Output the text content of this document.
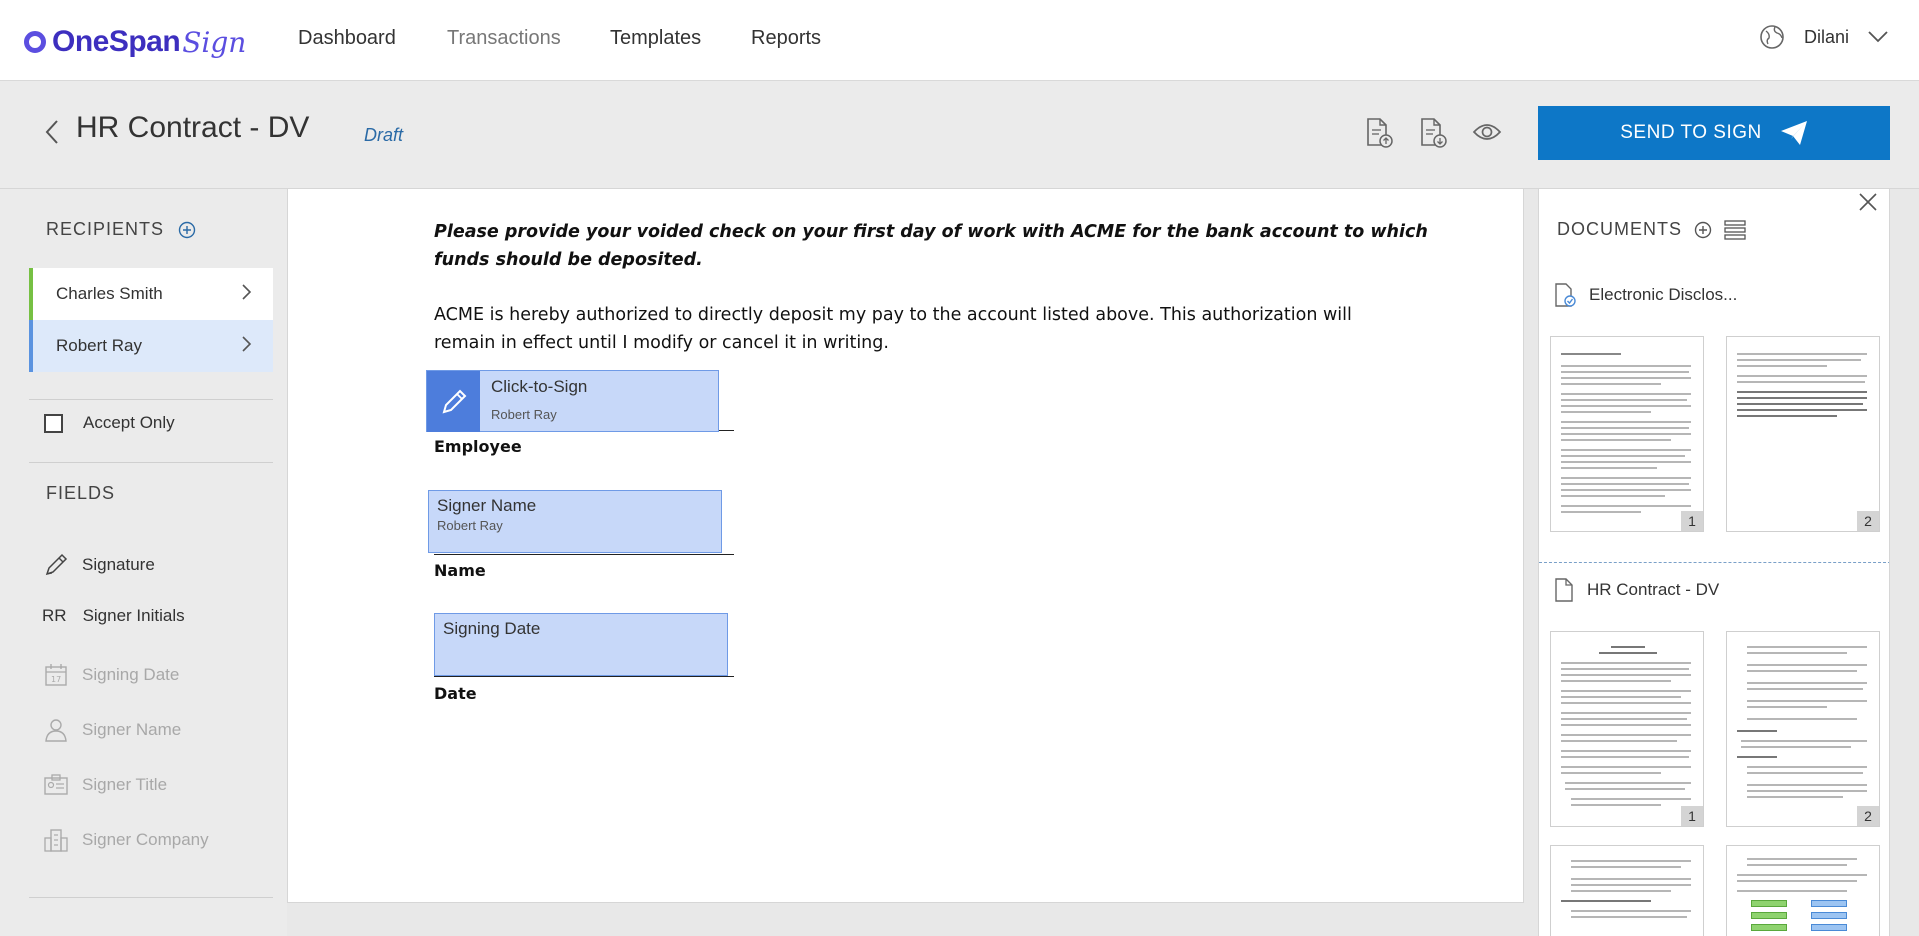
OneSpan Sign	Dashboard	Transactions Templates Reports	Dilani
HR Contract - DV	Draft	SEND TO SIGN
RECIPIENTS
Charles Smith
Robert Ray
Accept Only
FIELDS
Signature
RR Signer Initials
17 Signing Date
Signer Name
Signer Title
Signer Company
Please provide your voided check on your first day of work with ACME for the bank account to which
funds should be deposited.
ACME is hereby authorized to directly deposit my pay to the account listed above. This authorization will
remain in effect until I modify or cancel it in writing.
Click-to-Sign
Robert Ray
Employee
Signer Name
Robert Ray
Name
Signing Date
Date
DOCUMENTS
Electronic Disclos...
1	2
HR Contract - DV
1	2
